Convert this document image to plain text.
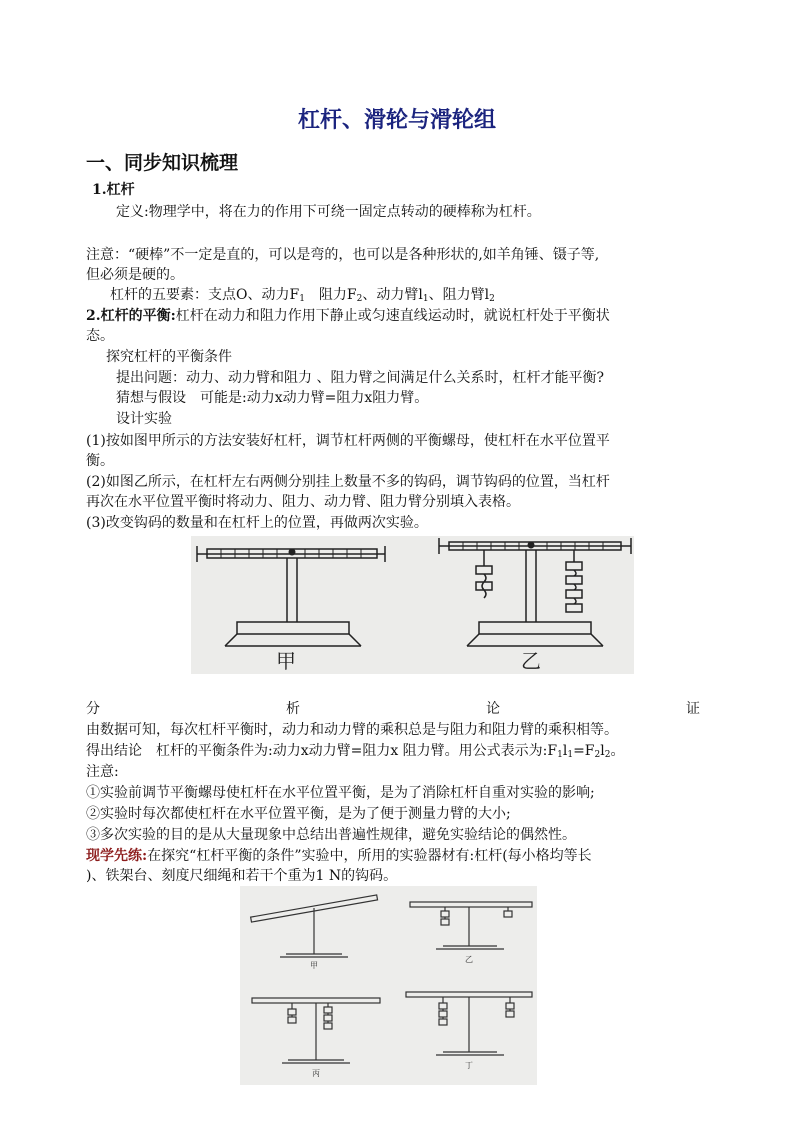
杠杆、滑轮与滑轮组
一、同步知识梳理
1.杠杆
定义:物理学中，将在力的作用下可绕一固定点转动的硬棒称为杠杆。
注意：“硬棒”不一定是直的，可以是弯的，也可以是各种形状的,如羊角锤、镊子等,
但必须是硬的。
杠杆的五要素：支点O、动力$F_1$　阻力$F_2$、动力臂$l_1$、阻力臂$l_2$
2.杠杆的平衡:杠杆在动力和阻力作用下静止或匀速直线运动时，就说杠杆处于平衡状
态。
探究杠杆的平衡条件
提出问题：动力、动力臂和阻力 、阻力臂之间满足什么关系时，杠杆才能平衡?
猜想与假设　可能是:动力x动力臂=阻力x阻力臂。
设计实验
(1)按如图甲所示的方法安装好杠杆，调节杠杆两侧的平衡螺母，使杠杆在水平位置平
衡。
(2)如图乙所示，在杠杆左右两侧分别挂上数量不多的钩码，调节钩码的位置，当杠杆
再次在水平位置平衡时将动力、阻力、动力臂、阻力臂分别填入表格。
(3)改变钩码的数量和在杠杆上的位置，再做两次实验。
甲	乙
分	析	论	证
由数据可知，每次杠杆平衡时，动力和动力臂的乘积总是与阻力和阻力臂的乘积相等。
得出结论　杠杆的平衡条件为:动力x动力臂=阻力x 阻力臂。用公式表示为$:F_1l_1=F_2l_2$。
注意:
①实验前调节平衡螺母使杠杆在水平位置平衡，是为了消除杠杆自重对实验的影响;
②实验时每次都使杠杆在水平位置平衡，是为了便于测量力臂的大小;
③多次实验的目的是从大量现象中总结出普遍性规律，避免实验结论的偶然性。
现学先练:在探究“杠杆平衡的条件”实验中，所用的实验器材有:杠杆(每小格均等长
)、铁架台、刻度尺细绳和若干个重为1 N的钩码。
甲
乙
丙
丁
